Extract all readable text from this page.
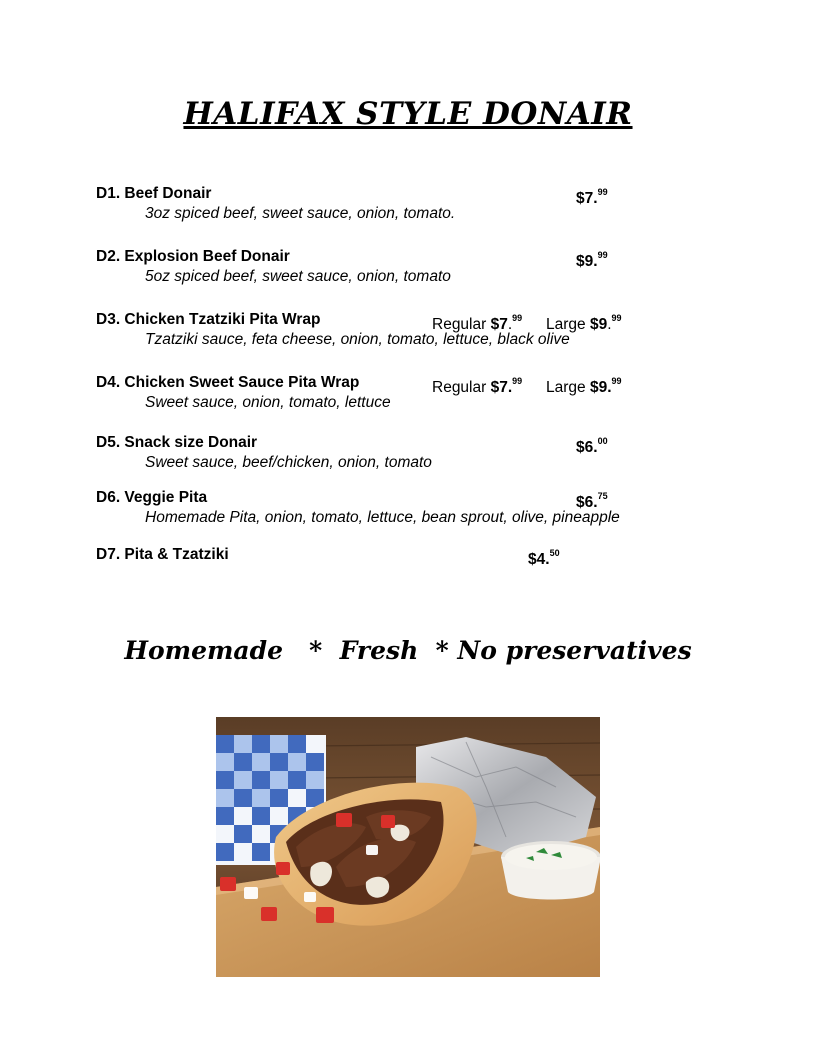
HALIFAX STYLE DONAIR
D1. Beef Donair	$7.99
3oz spiced beef, sweet sauce, onion, tomato.
D2. Explosion Beef Donair	$9.99
5oz spiced beef, sweet sauce, onion, tomato
D3. Chicken Tzatziki Pita Wrap	Regular $7.99 Large $9.99
Tzatziki sauce, feta cheese, onion, tomato, lettuce, black olive
D4. Chicken Sweet Sauce Pita Wrap	Regular $7.99 Large $9.99
Sweet sauce, onion, tomato, lettuce
D5. Snack size Donair	$6.00
Sweet sauce, beef/chicken, onion, tomato
D6. Veggie Pita	$6.75
Homemade Pita, onion, tomato, lettuce, bean sprout, olive, pineapple
D7. Pita & Tzatziki	$4.50
Homemade   *  Fresh  * No preservatives
